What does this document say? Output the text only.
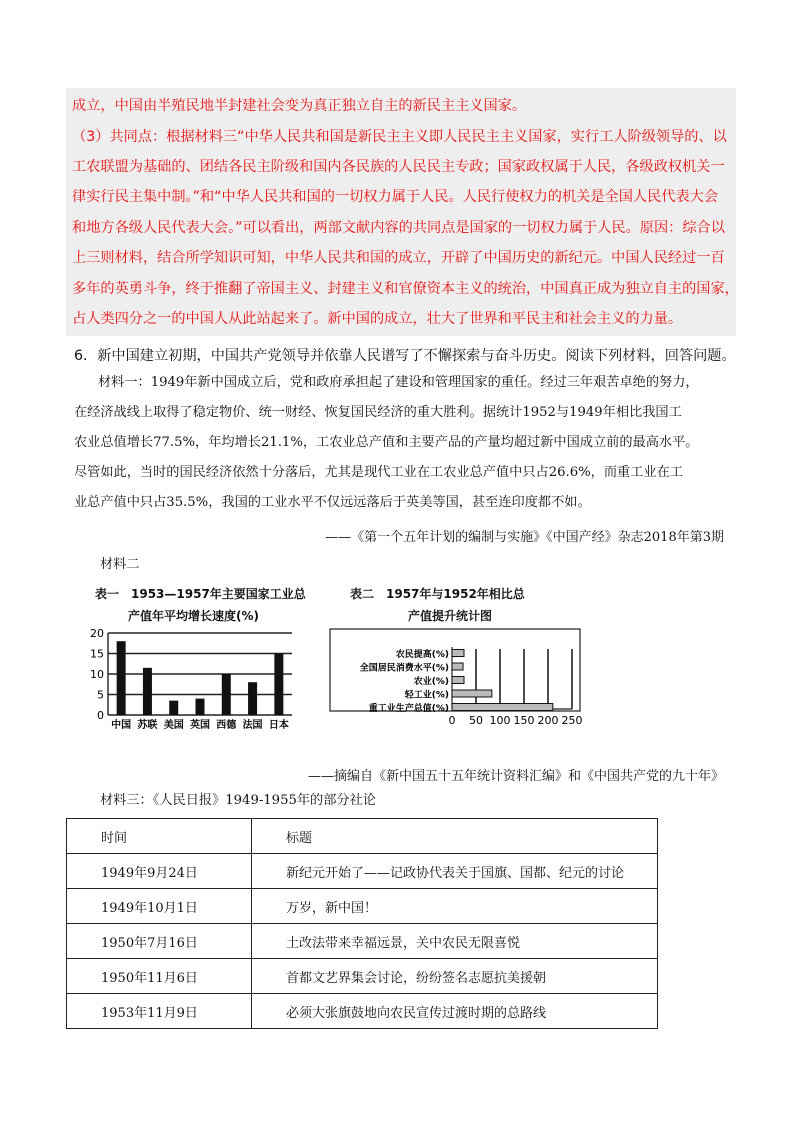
成立，中国由半殖民地半封建社会变为真正独立自主的新民主主义国家。
（3）共同点：根据材料三“中华人民共和国是新民主主义即人民民主主义国家，实行工人阶级领导的、以
工农联盟为基础的、团结各民主阶级和国内各民族的人民民主专政；国家政权属于人民，各级政权机关一
律实行民主集中制。”和“中华人民共和国的一切权力属于人民。人民行使权力的机关是全国人民代表大会
和地方各级人民代表大会。”可以看出，两部文献内容的共同点是国家的一切权力属于人民。原因：综合以
上三则材料，结合所学知识可知，中华人民共和国的成立，开辟了中国历史的新纪元。中国人民经过一百
多年的英勇斗争，终于推翻了帝国主义、封建主义和官僚资本主义的统治，中国真正成为独立自主的国家，
占人类四分之一的中国人从此站起来了。新中国的成立，壮大了世界和平民主和社会主义的力量。
6．新中国建立初期，中国共产党领导并依靠人民谱写了不懈探索与奋斗历史。阅读下列材料，回答问题。
材料一：1949年新中国成立后，党和政府承担起了建设和管理国家的重任。经过三年艰苦卓绝的努力，
在经济战线上取得了稳定物价、统一财经、恢复国民经济的重大胜利。据统计1952与1949年相比我国工
农业总值增长77.5%，年均增长21.1%，工农业总产值和主要产品的产量均超过新中国成立前的最高水平。
尽管如此，当时的国民经济依然十分落后，尤其是现代工业在工农业总产值中只占26.6%，而重工业在工
业总产值中只占35.5%，我国的工业水平不仅远远落后于英美等国，甚至连印度都不如。
——《第一个五年计划的编制与实施》《中国产经》杂志2018年第3期
材料二
表一　1953—1957年主要国家工业总
产值年平均增长速度(%)
0
5
10
15
20
中国 苏联 美国 英国 西德 法国 日本
表二　1957年与1952年相比总
产值提升统计图
0 50 100 150 200 250
农民提高(%)
全国居民消费水平(%)
农业(%)
轻工业(%)
重工业生产总值(%)
——摘编自《新中国五十五年统计资料汇编》和《中国共产党的九十年》
材料三：《人民日报》1949-1955年的部分社论
时间	标题
1949年9月24日	新纪元开始了——记政协代表关于国旗、国都、纪元的讨论
1949年10月1日	万岁，新中国！
1950年7月16日	土改法带来幸福远景，关中农民无限喜悦
1950年11月6日	首都文艺界集会讨论，纷纷签名志愿抗美援朝
1953年11月9日	必须大张旗鼓地向农民宣传过渡时期的总路线
